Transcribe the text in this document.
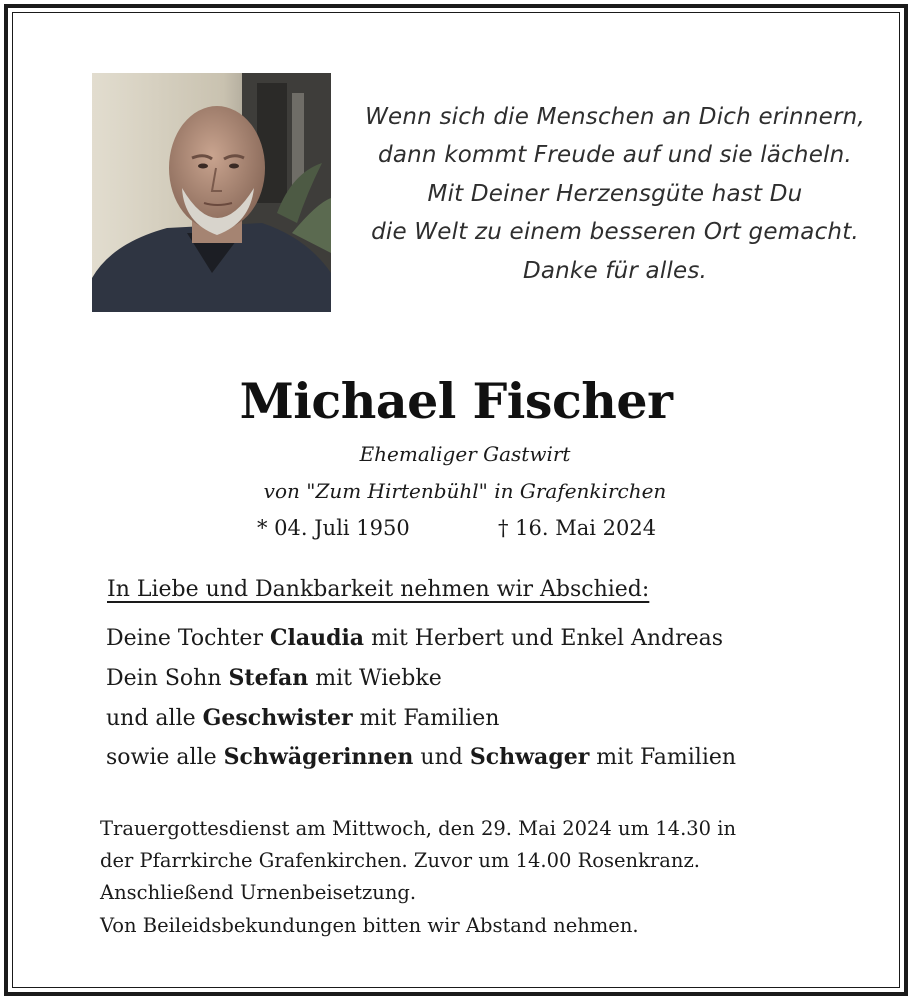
Wenn sich die Menschen an Dich erinnern,
dann kommt Freude auf und sie lächeln.
Mit Deiner Herzensgüte hast Du
die Welt zu einem besseren Ort gemacht.
Danke für alles.
Michael Fischer
Ehemaliger Gastwirt
von "Zum Hirtenbühl" in Grafenkirchen
* 04. Juli 1950	† 16. Mai 2024
In Liebe und Dankbarkeit nehmen wir Abschied:
Deine Tochter Claudia mit Herbert und Enkel Andreas
Dein Sohn Stefan mit Wiebke
und alle Geschwister mit Familien
sowie alle Schwägerinnen und Schwager mit Familien
Trauergottesdienst am Mittwoch, den 29. Mai 2024 um 14.30 in
der Pfarrkirche Grafenkirchen. Zuvor um 14.00 Rosenkranz.
Anschließend Urnenbeisetzung.
Von Beileidsbekundungen bitten wir Abstand nehmen.
